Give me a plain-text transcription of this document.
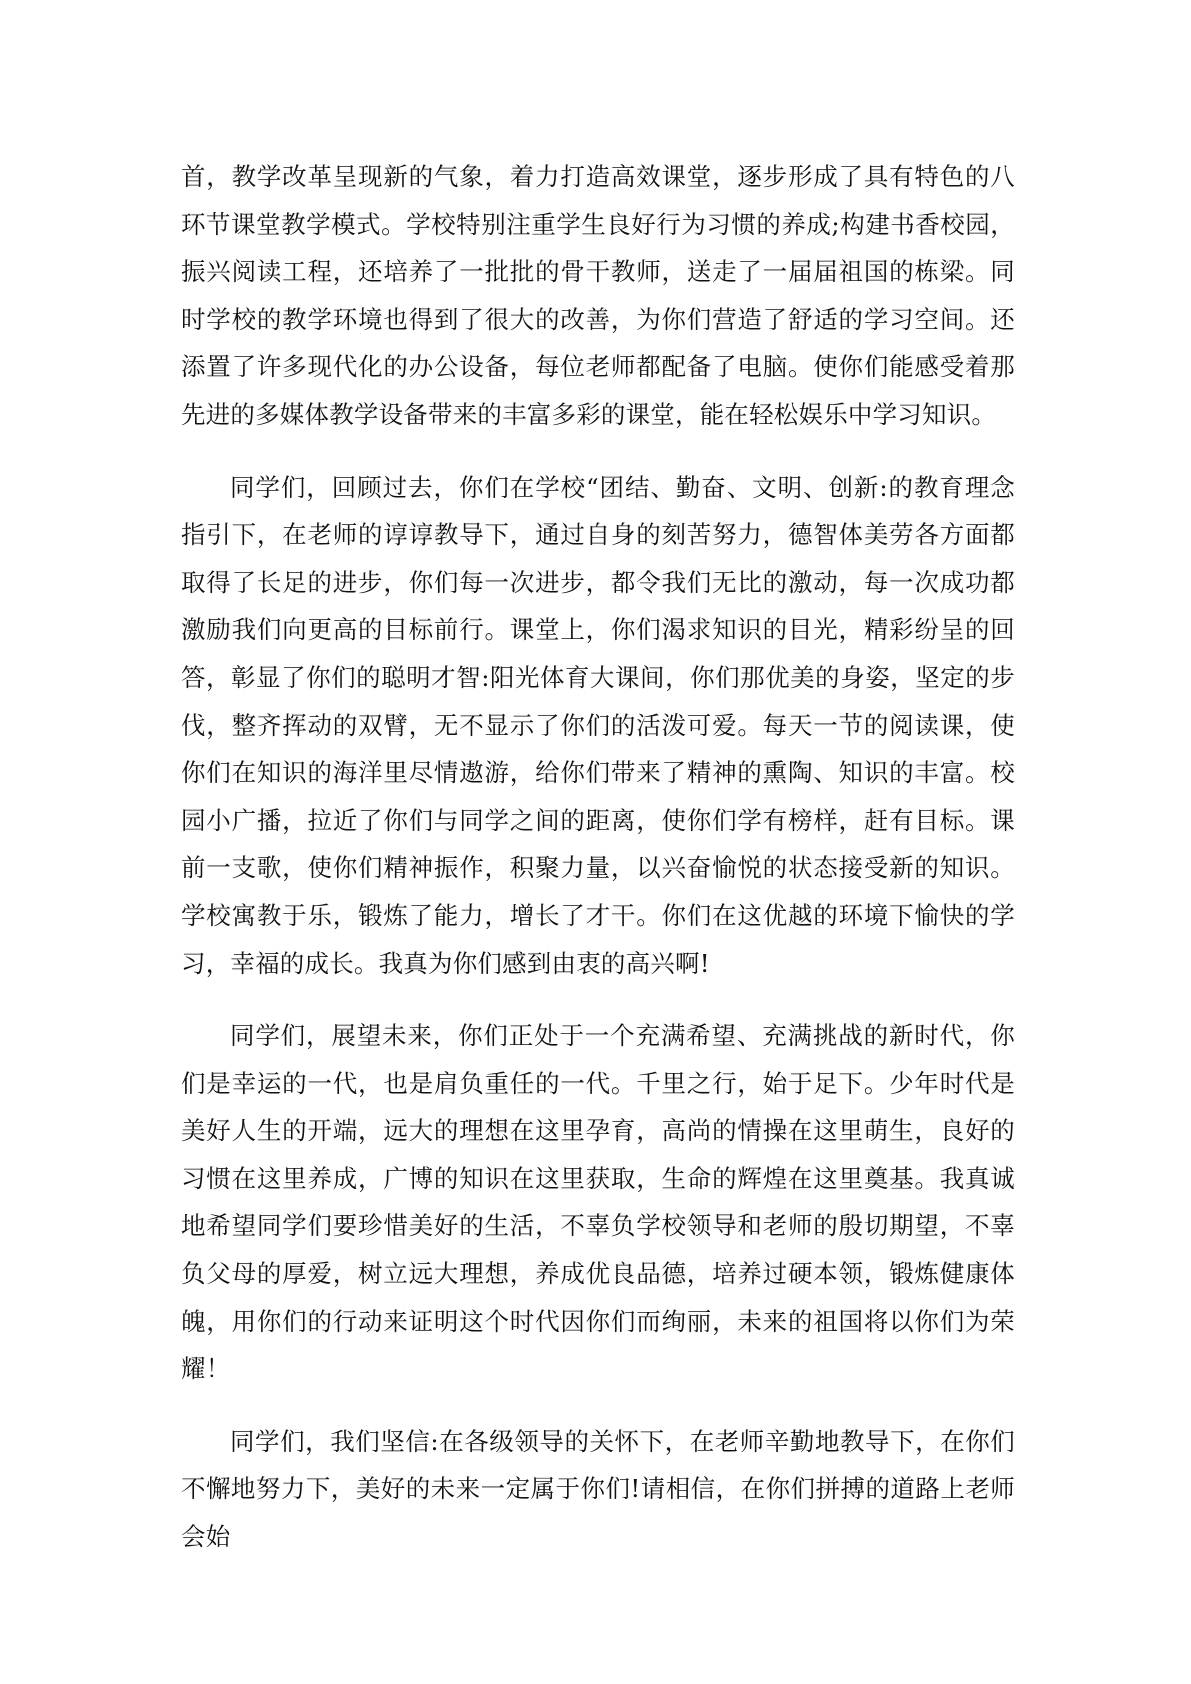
首，教学改革呈现新的气象，着力打造高效课堂，逐步形成了具有特色的八环节课堂教学模式。学校特别注重学生良好行为习惯的养成;构建书香校园，振兴阅读工程，还培养了一批批的骨干教师，送走了一届届祖国的栋梁。同时学校的教学环境也得到了很大的改善，为你们营造了舒适的学习空间。还添置了许多现代化的办公设备，每位老师都配备了电脑。使你们能感受着那先进的多媒体教学设备带来的丰富多彩的课堂，能在轻松娱乐中学习知识。

同学们，回顾过去，你们在学校“团结、勤奋、文明、创新:的教育理念指引下，在老师的谆谆教导下，通过自身的刻苦努力，德智体美劳各方面都取得了长足的进步，你们每一次进步，都令我们无比的激动，每一次成功都激励我们向更高的目标前行。课堂上，你们渴求知识的目光，精彩纷呈的回答，彰显了你们的聪明才智:阳光体育大课间，你们那优美的身姿，坚定的步伐，整齐挥动的双臂，无不显示了你们的活泼可爱。每天一节的阅读课，使你们在知识的海洋里尽情遨游，给你们带来了精神的熏陶、知识的丰富。校园小广播，拉近了你们与同学之间的距离，使你们学有榜样，赶有目标。课前一支歌，使你们精神振作，积聚力量，以兴奋愉悦的状态接受新的知识。学校寓教于乐，锻炼了能力，增长了才干。你们在这优越的环境下愉快的学习，幸福的成长。我真为你们感到由衷的高兴啊!

同学们，展望未来，你们正处于一个充满希望、充满挑战的新时代，你们是幸运的一代，也是肩负重任的一代。千里之行，始于足下。少年时代是美好人生的开端，远大的理想在这里孕育，高尚的情操在这里萌生，良好的习惯在这里养成，广博的知识在这里获取，生命的辉煌在这里奠基。我真诚地希望同学们要珍惜美好的生活，不辜负学校领导和老师的殷切期望，不辜负父母的厚爱，树立远大理想，养成优良品德，培养过硬本领，锻炼健康体魄，用你们的行动来证明这个时代因你们而绚丽，未来的祖国将以你们为荣耀！

同学们，我们坚信:在各级领导的关怀下，在老师辛勤地教导下，在你们不懈地努力下，美好的未来一定属于你们!请相信，在你们拼搏的道路上老师会始
